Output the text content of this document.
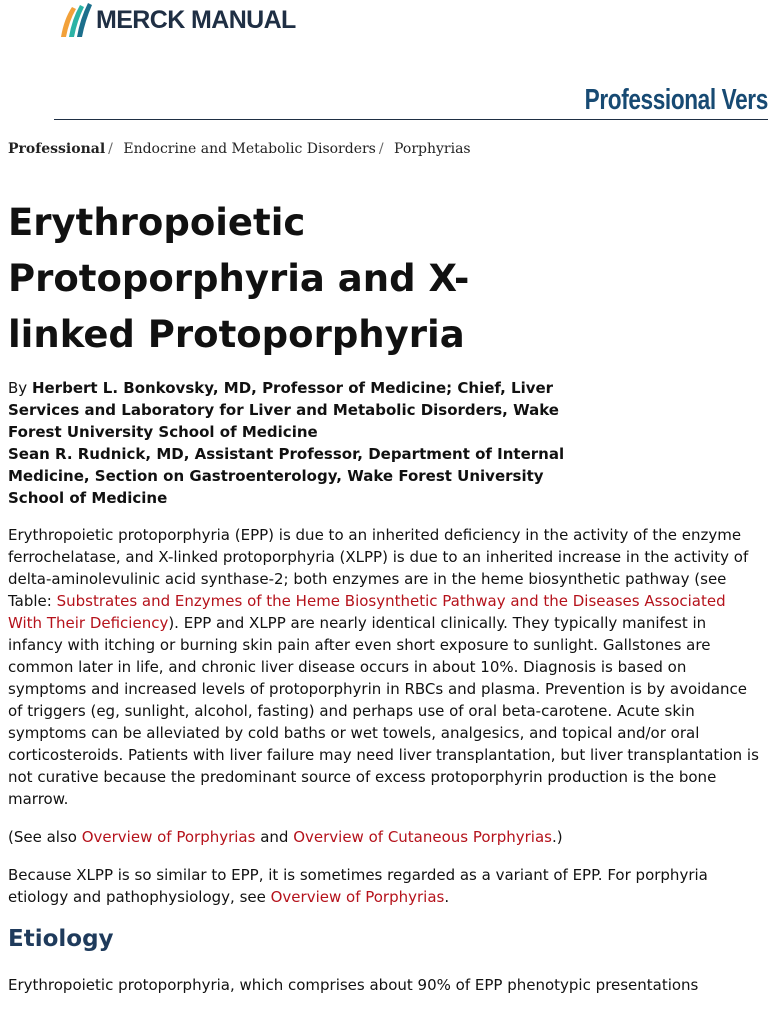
MERCK MANUAL
Professional Vers
Professional / Endocrine and Metabolic Disorders / Porphyrias
Erythropoietic Protoporphyria and X-linked Protoporphyria
By Herbert L. Bonkovsky, MD, Professor of Medicine; Chief, Liver Services and Laboratory for Liver and Metabolic Disorders, Wake Forest University School of Medicine
Sean R. Rudnick, MD, Assistant Professor, Department of Internal Medicine, Section on Gastroenterology, Wake Forest University School of Medicine

Erythropoietic protoporphyria (EPP) is due to an inherited deficiency in the activity of the enzyme ferrochelatase, and X-linked protoporphyria (XLPP) is due to an inherited increase in the activity of delta-aminolevulinic acid synthase-2; both enzymes are in the heme biosynthetic pathway (see Table: Substrates and Enzymes of the Heme Biosynthetic Pathway and the Diseases Associated With Their Deficiency). EPP and XLPP are nearly identical clinically. They typically manifest in infancy with itching or burning skin pain after even short exposure to sunlight. Gallstones are common later in life, and chronic liver disease occurs in about 10%. Diagnosis is based on symptoms and increased levels of protoporphyrin in RBCs and plasma. Prevention is by avoidance of triggers (eg, sunlight, alcohol, fasting) and perhaps use of oral beta-carotene. Acute skin symptoms can be alleviated by cold baths or wet towels, analgesics, and topical and/or oral corticosteroids. Patients with liver failure may need liver transplantation, but liver transplantation is not curative because the predominant source of excess protoporphyrin production is the bone marrow.

(See also Overview of Porphyrias and Overview of Cutaneous Porphyrias.)

Because XLPP is so similar to EPP, it is sometimes regarded as a variant of EPP. For porphyria etiology and pathophysiology, see Overview of Porphyrias.

Etiology

Erythropoietic protoporphyria, which comprises about 90% of EPP phenotypic presentations
